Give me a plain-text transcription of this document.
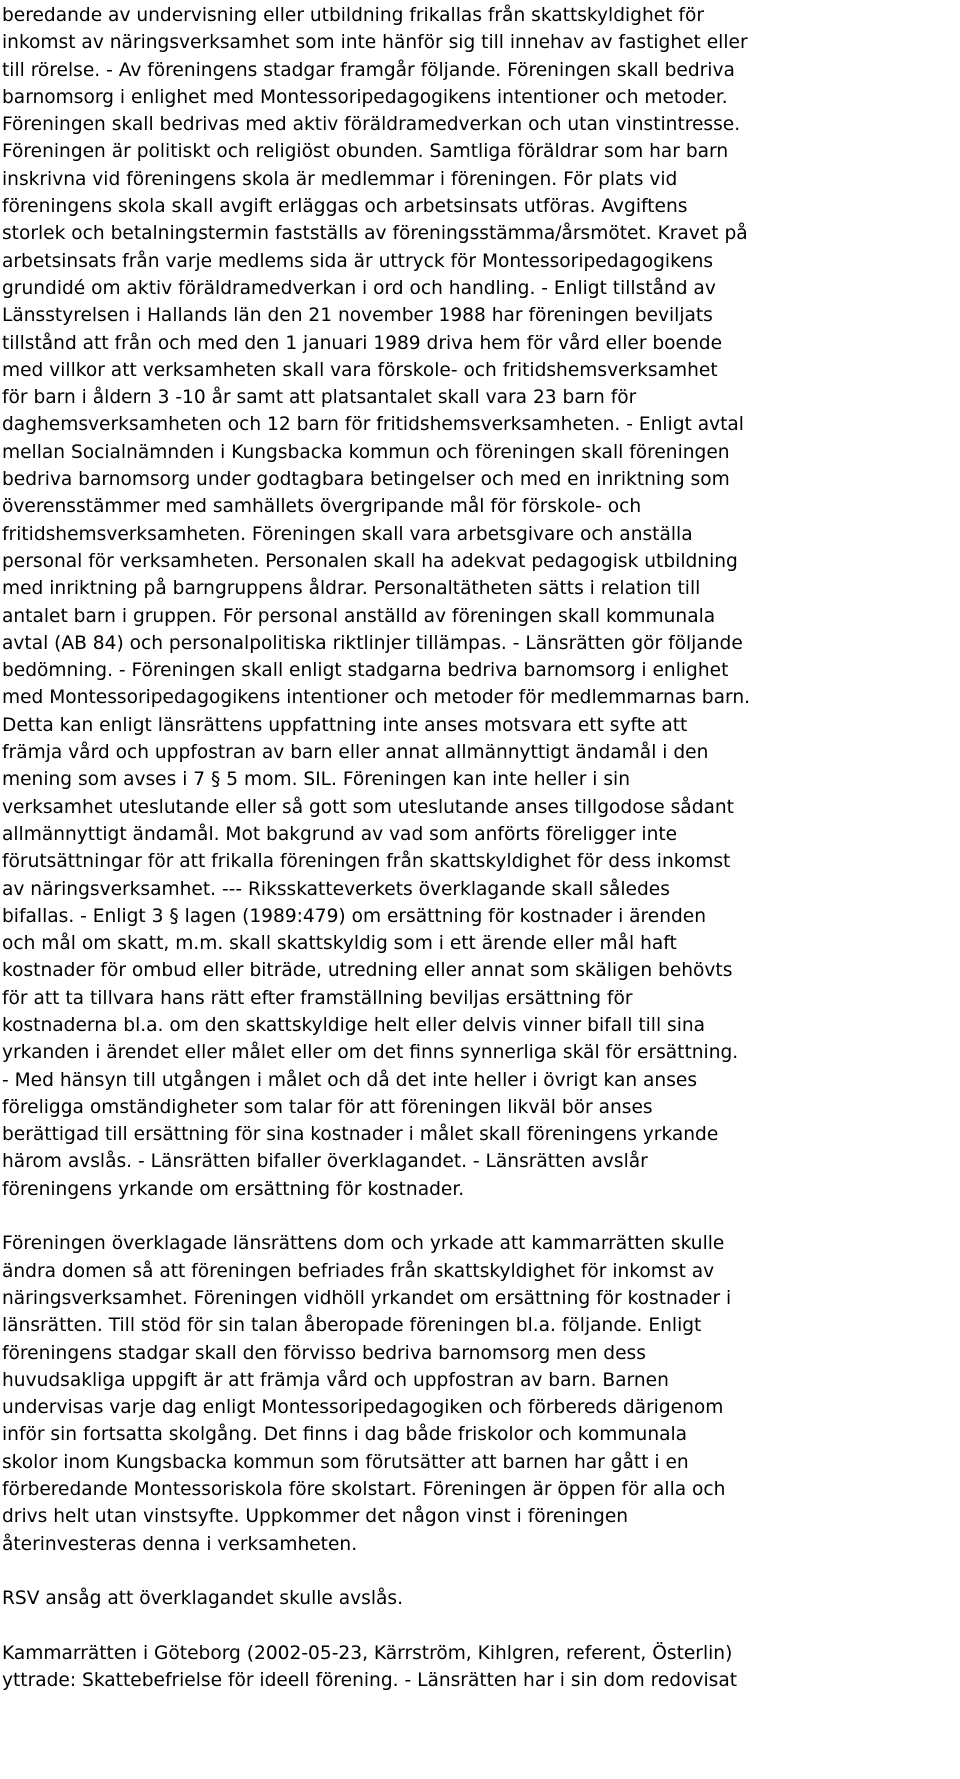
beredande av undervisning eller utbildning frikallas från skattskyldighet för
inkomst av näringsverksamhet som inte hänför sig till innehav av fastighet eller
till rörelse. - Av föreningens stadgar framgår följande. Föreningen skall bedriva
barnomsorg i enlighet med Montessoripedagogikens intentioner och metoder.
Föreningen skall bedrivas med aktiv föräldramedverkan och utan vinstintresse.
Föreningen är politiskt och religiöst obunden. Samtliga föräldrar som har barn
inskrivna vid föreningens skola är medlemmar i föreningen. För plats vid
föreningens skola skall avgift erläggas och arbetsinsats utföras. Avgiftens
storlek och betalningstermin fastställs av föreningsstämma/årsmötet. Kravet på
arbetsinsats från varje medlems sida är uttryck för Montessoripedagogikens
grundidé om aktiv föräldramedverkan i ord och handling. - Enligt tillstånd av
Länsstyrelsen i Hallands län den 21 november 1988 har föreningen beviljats
tillstånd att från och med den 1 januari 1989 driva hem för vård eller boende
med villkor att verksamheten skall vara förskole- och fritidshemsverksamhet
för barn i åldern 3 -10 år samt att platsantalet skall vara 23 barn för
daghemsverksamheten och 12 barn för fritidshemsverksamheten. - Enligt avtal
mellan Socialnämnden i Kungsbacka kommun och föreningen skall föreningen
bedriva barnomsorg under godtagbara betingelser och med en inriktning som
överensstämmer med samhällets övergripande mål för förskole- och
fritidshemsverksamheten. Föreningen skall vara arbetsgivare och anställa
personal för verksamheten. Personalen skall ha adekvat pedagogisk utbildning
med inriktning på barngruppens åldrar. Personaltätheten sätts i relation till
antalet barn i gruppen. För personal anställd av föreningen skall kommunala
avtal (AB 84) och personalpolitiska riktlinjer tillämpas. - Länsrätten gör följande
bedömning. - Föreningen skall enligt stadgarna bedriva barnomsorg i enlighet
med Montessoripedagogikens intentioner och metoder för medlemmarnas barn.
Detta kan enligt länsrättens uppfattning inte anses motsvara ett syfte att
främja vård och uppfostran av barn eller annat allmännyttigt ändamål i den
mening som avses i 7 § 5 mom. SIL. Föreningen kan inte heller i sin
verksamhet uteslutande eller så gott som uteslutande anses tillgodose sådant
allmännyttigt ändamål. Mot bakgrund av vad som anförts föreligger inte
förutsättningar för att frikalla föreningen från skattskyldighet för dess inkomst
av näringsverksamhet. --- Riksskatteverkets överklagande skall således
bifallas. - Enligt 3 § lagen (1989:479) om ersättning för kostnader i ärenden
och mål om skatt, m.m. skall skattskyldig som i ett ärende eller mål haft
kostnader för ombud eller biträde, utredning eller annat som skäligen behövts
för att ta tillvara hans rätt efter framställning beviljas ersättning för
kostnaderna bl.a. om den skattskyldige helt eller delvis vinner bifall till sina
yrkanden i ärendet eller målet eller om det finns synnerliga skäl för ersättning.
- Med hänsyn till utgången i målet och då det inte heller i övrigt kan anses
föreligga omständigheter som talar för att föreningen likväl bör anses
berättigad till ersättning för sina kostnader i målet skall föreningens yrkande
härom avslås. - Länsrätten bifaller överklagandet. - Länsrätten avslår
föreningens yrkande om ersättning för kostnader.
Föreningen överklagade länsrättens dom och yrkade att kammarrätten skulle
ändra domen så att föreningen befriades från skattskyldighet för inkomst av
näringsverksamhet. Föreningen vidhöll yrkandet om ersättning för kostnader i
länsrätten. Till stöd för sin talan åberopade föreningen bl.a. följande. Enligt
föreningens stadgar skall den förvisso bedriva barnomsorg men dess
huvudsakliga uppgift är att främja vård och uppfostran av barn. Barnen
undervisas varje dag enligt Montessoripedagogiken och förbereds därigenom
inför sin fortsatta skolgång. Det finns i dag både friskolor och kommunala
skolor inom Kungsbacka kommun som förutsätter att barnen har gått i en
förberedande Montessoriskola före skolstart. Föreningen är öppen för alla och
drivs helt utan vinstsyfte. Uppkommer det någon vinst i föreningen
återinvesteras denna i verksamheten.
RSV ansåg att överklagandet skulle avslås.
Kammarrätten i Göteborg (2002-05-23, Kärrström, Kihlgren, referent, Österlin)
yttrade: Skattebefrielse för ideell förening. - Länsrätten har i sin dom redovisat
